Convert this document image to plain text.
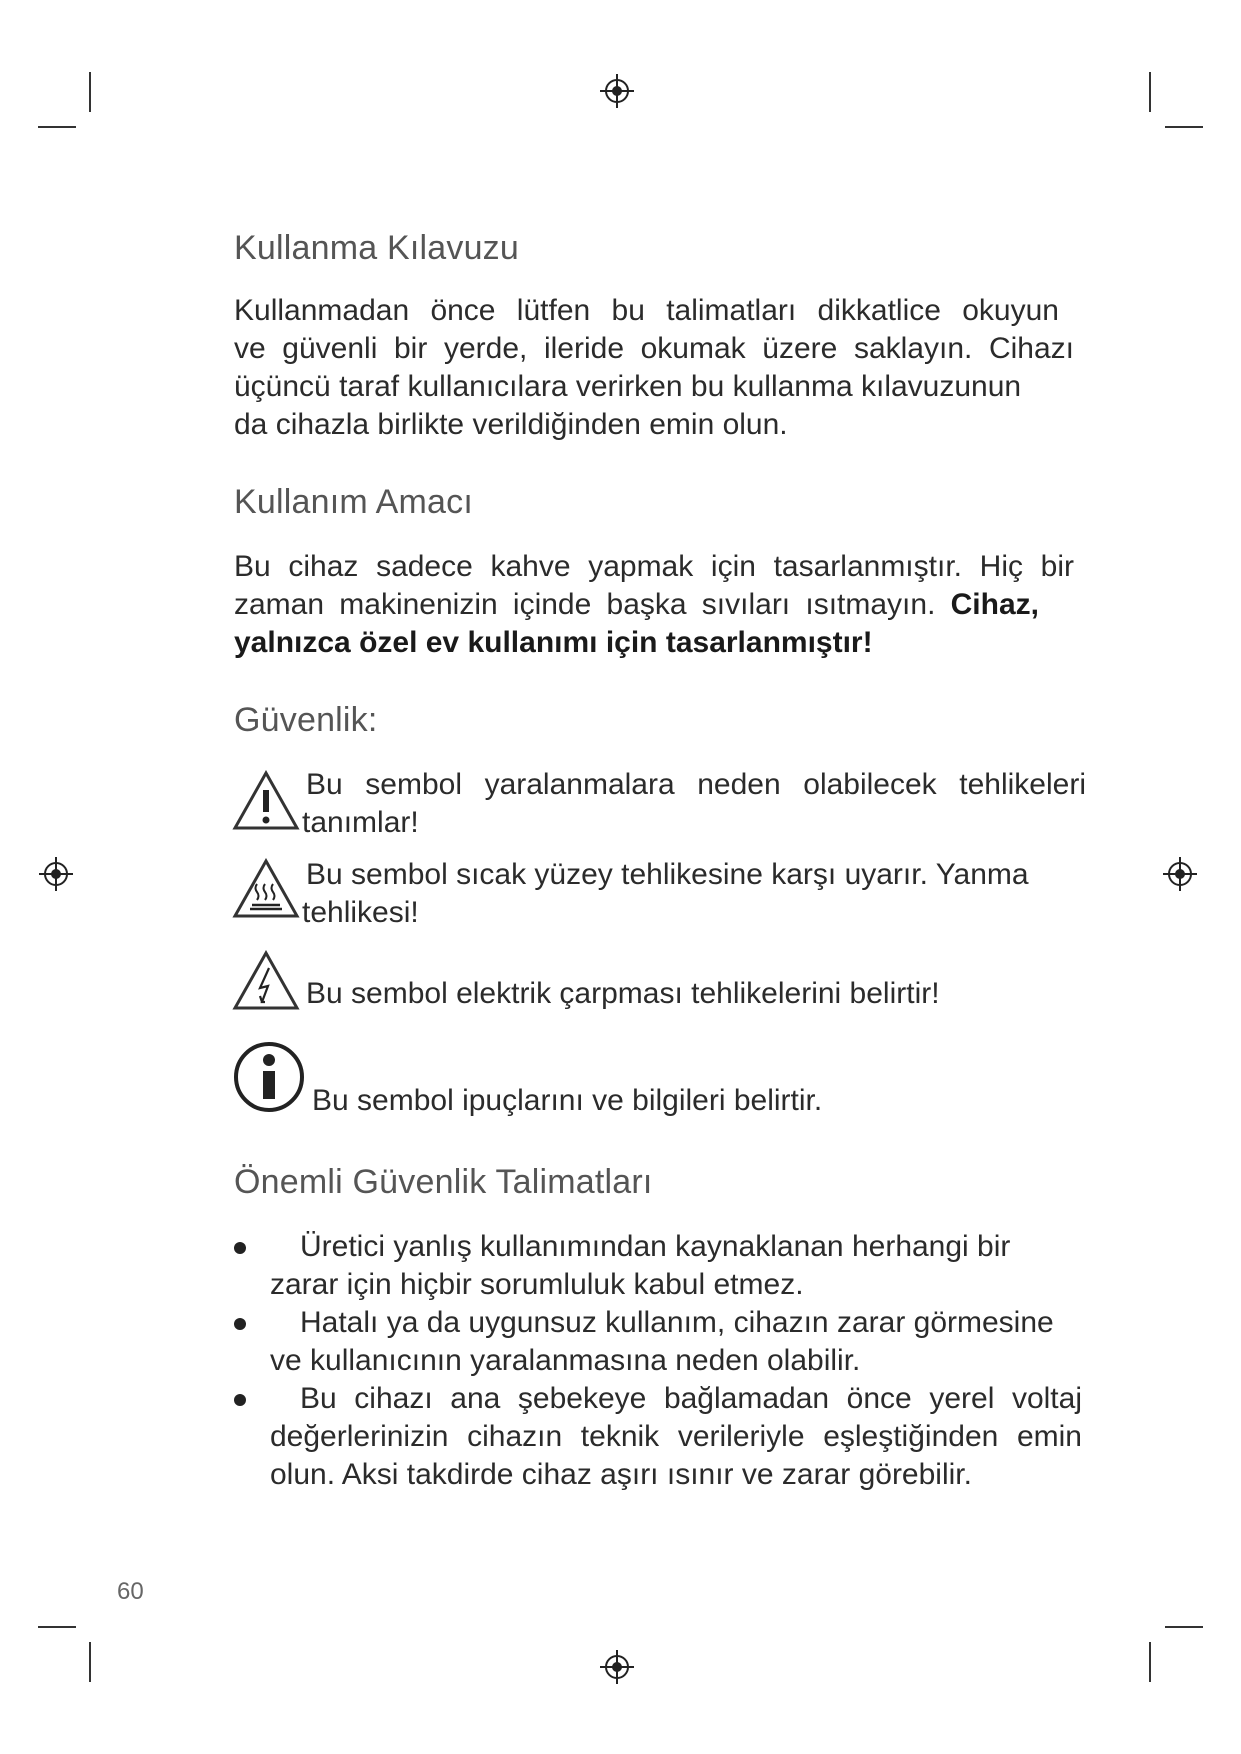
Kullanma Kılavuzu
Kullanmadan önce lütfen bu talimatları dikkatlice okuyun
ve güvenli bir yerde, ileride okumak üzere saklayın. Cihazı
üçüncü taraf kullanıcılara verirken bu kullanma kılavuzunun
da cihazla birlikte verildiğinden emin olun.
Kullanım Amacı
Bu cihaz sadece kahve yapmak için tasarlanmıştır. Hiç bir
zaman makinenizin içinde başka sıvıları ısıtmayın. Cihaz,
yalnızca özel ev kullanımı için tasarlanmıştır!
Güvenlik:
Bu sembol yaralanmalara neden olabilecek tehlikeleri
tanımlar!
Bu sembol sıcak yüzey tehlikesine karşı uyarır. Yanma
tehlikesi!
Bu sembol elektrik çarpması tehlikelerini belirtir!
Bu sembol ipuçlarını ve bilgileri belirtir.
Önemli Güvenlik Talimatları
Üretici yanlış kullanımından kaynaklanan herhangi bir zarar için hiçbir sorumluluk kabul etmez.
Hatalı ya da uygunsuz kullanım, cihazın zarar görmesine ve kullanıcının yaralanmasına neden olabilir.
Bu cihazı ana şebekeye bağlamadan önce yerel voltaj değerlerinizin cihazın teknik verileriyle eşleştiğinden emin olun. Aksi takdirde cihaz aşırı ısınır ve zarar görebilir.
60
